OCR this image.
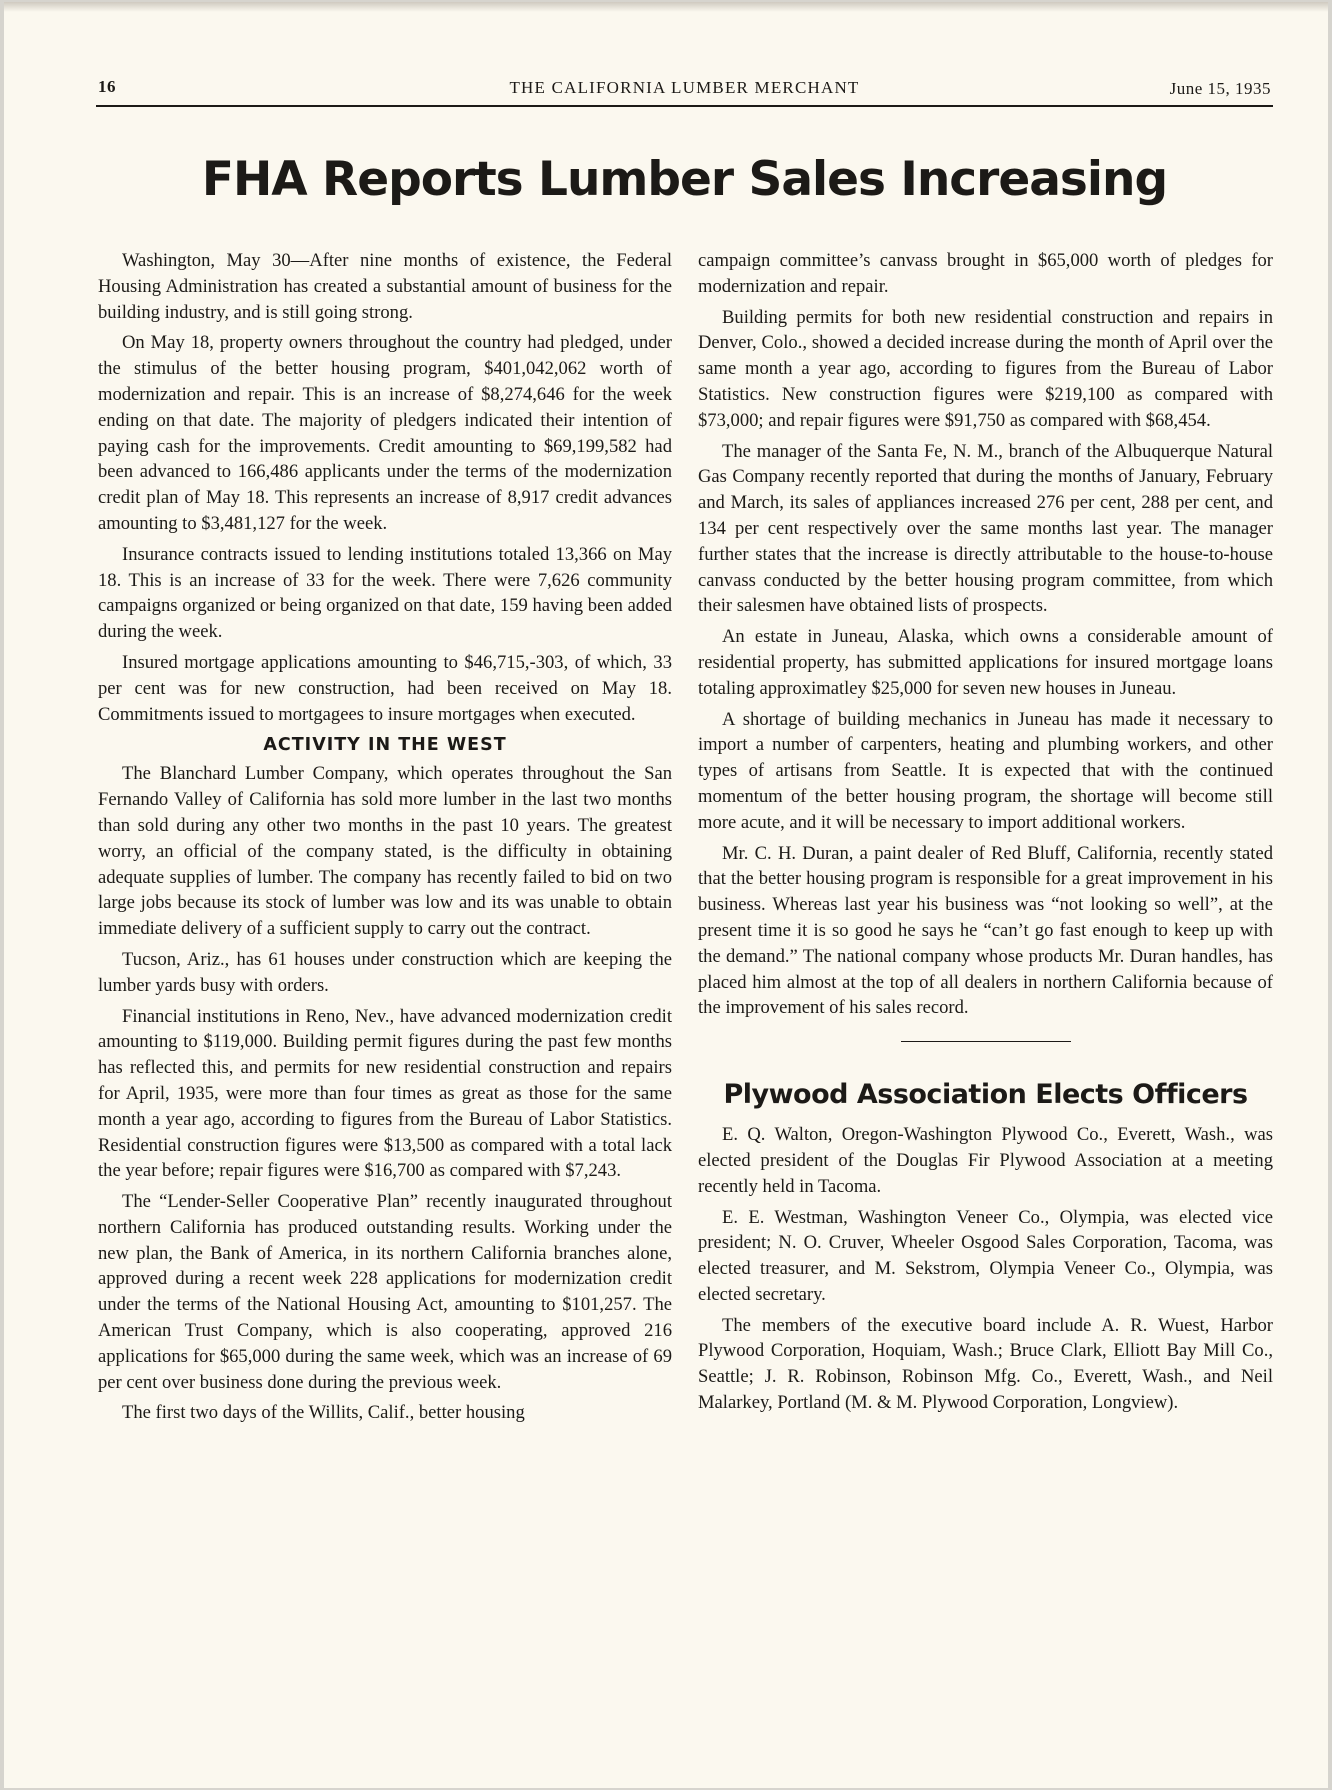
16	THE CALIFORNIA LUMBER MERCHANT	June 15, 1935
FHA Reports Lumber Sales Increasing

Washington, May 30—After nine months of existence, the Federal Housing Administration has created a substantial amount of business for the building industry, and is still going strong.

On May 18, property owners throughout the country had pledged, under the stimulus of the better housing program, $401,042,062 worth of modernization and repair. This is an increase of $8,274,646 for the week ending on that date. The majority of pledgers indicated their intention of paying cash for the improvements. Credit amounting to $69,199,582 had been advanced to 166,486 applicants under the terms of the modernization credit plan of May 18. This represents an increase of 8,917 credit advances amounting to $3,481,127 for the week.

Insurance contracts issued to lending institutions totaled 13,366 on May 18. This is an increase of 33 for the week. There were 7,626 community campaigns organized or being organized on that date, 159 having been added during the week.

Insured mortgage applications amounting to $46,715,-303, of which, 33 per cent was for new construction, had been received on May 18. Commitments issued to mortgagees to insure mortgages when executed.

ACTIVITY IN THE WEST

The Blanchard Lumber Company, which operates throughout the San Fernando Valley of California has sold more lumber in the last two months than sold during any other two months in the past 10 years. The greatest worry, an official of the company stated, is the difficulty in obtaining adequate supplies of lumber. The company has recently failed to bid on two large jobs because its stock of lumber was low and its was unable to obtain immediate delivery of a sufficient supply to carry out the contract.

Tucson, Ariz., has 61 houses under construction which are keeping the lumber yards busy with orders.

Financial institutions in Reno, Nev., have advanced modernization credit amounting to $119,000. Building permit figures during the past few months has reflected this, and permits for new residential construction and repairs for April, 1935, were more than four times as great as those for the same month a year ago, according to figures from the Bureau of Labor Statistics. Residential construction figures were $13,500 as compared with a total lack the year before; repair figures were $16,700 as compared with $7,243.

The “Lender-Seller Cooperative Plan” recently inaugurated throughout northern California has produced outstanding results. Working under the new plan, the Bank of America, in its northern California branches alone, approved during a recent week 228 applications for modernization credit under the terms of the National Housing Act, amounting to $101,257. The American Trust Company, which is also cooperating, approved 216 applications for $65,000 during the same week, which was an increase of 69 per cent over business done during the previous week.

The first two days of the Willits, Calif., better housing

campaign committee’s canvass brought in $65,000 worth of pledges for modernization and repair.

Building permits for both new residential construction and repairs in Denver, Colo., showed a decided increase during the month of April over the same month a year ago, according to figures from the Bureau of Labor Statistics. New construction figures were $219,100 as compared with $73,000; and repair figures were $91,750 as compared with $68,454.

The manager of the Santa Fe, N. M., branch of the Albuquerque Natural Gas Company recently reported that during the months of January, February and March, its sales of appliances increased 276 per cent, 288 per cent, and 134 per cent respectively over the same months last year. The manager further states that the increase is directly attributable to the house-to-house canvass conducted by the better housing program committee, from which their salesmen have obtained lists of prospects.

An estate in Juneau, Alaska, which owns a considerable amount of residential property, has submitted applications for insured mortgage loans totaling approximatley $25,000 for seven new houses in Juneau.

A shortage of building mechanics in Juneau has made it necessary to import a number of carpenters, heating and plumbing workers, and other types of artisans from Seattle. It is expected that with the continued momentum of the better housing program, the shortage will become still more acute, and it will be necessary to import additional workers.

Mr. C. H. Duran, a paint dealer of Red Bluff, California, recently stated that the better housing program is responsible for a great improvement in his business. Whereas last year his business was “not looking so well”, at the present time it is so good he says he “can’t go fast enough to keep up with the demand.” The national company whose products Mr. Duran handles, has placed him almost at the top of all dealers in northern California because of the improvement of his sales record.

Plywood Association Elects Officers

E. Q. Walton, Oregon-Washington Plywood Co., Everett, Wash., was elected president of the Douglas Fir Plywood Association at a meeting recently held in Tacoma.

E. E. Westman, Washington Veneer Co., Olympia, was elected vice president; N. O. Cruver, Wheeler Osgood Sales Corporation, Tacoma, was elected treasurer, and M. Sekstrom, Olympia Veneer Co., Olympia, was elected secretary.

The members of the executive board include A. R. Wuest, Harbor Plywood Corporation, Hoquiam, Wash.; Bruce Clark, Elliott Bay Mill Co., Seattle; J. R. Robinson, Robinson Mfg. Co., Everett, Wash., and Neil Malarkey, Portland (M. & M. Plywood Corporation, Longview).
